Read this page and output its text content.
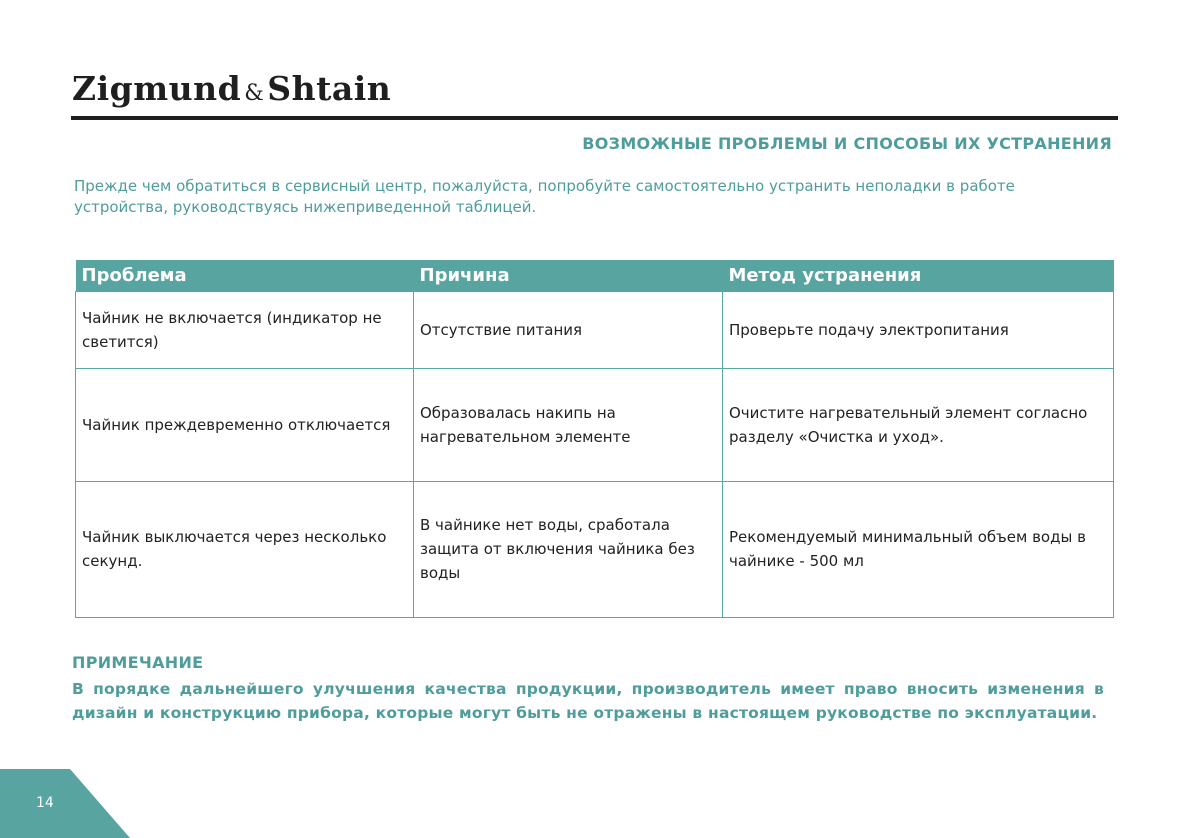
Zigmund &Shtain
ВОЗМОЖНЫЕ ПРОБЛЕМЫ И СПОСОБЫ ИХ УСТРАНЕНИЯ
Прежде чем обратиться в сервисный центр, пожалуйста, попробуйте самостоятельно устранить неполадки в работе устройства, руководствуясь нижеприведенной таблицей.
Проблема	Причина	Метод устранения
Чайник не включается (индикатор не светится)	Отсутствие питания	Проверьте подачу электропитания
Чайник преждевременно отключается	Образовалась накипь на нагревательном элементе	Очистите нагревательный элемент согласно разделу «Очистка и уход».
Чайник выключается через несколько секунд.	В чайнике нет воды, сработала защита от включения чайника без воды	Рекомендуемый минимальный объем воды в чайнике - 500 мл
ПРИМЕЧАНИЕ
В порядке дальнейшего улучшения качества продукции, производитель имеет право вносить изменения в дизайн и конструкцию прибора, которые могут быть не отражены в настоящем руководстве по эксплуатации.
14
